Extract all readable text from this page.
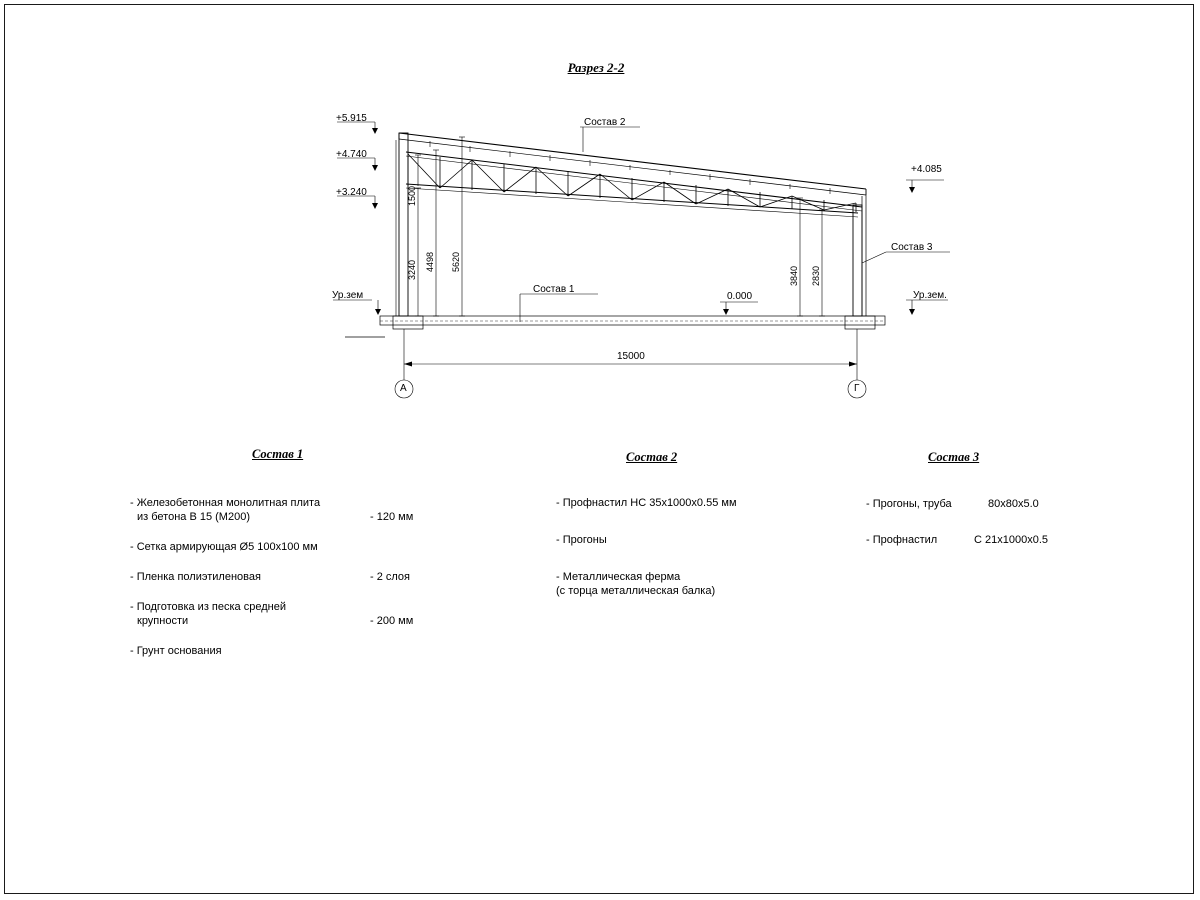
Разрез 2-2
+5.915
+4.740
+3.240
+4.085
Ур.зем	Ур.зем.
0.000
1500
3240 4498 5620
3840 2830
15000
А	Г
Состав 1
Состав 2
Состав 3
Состав 1
- Железобетонная монолитная плита
из бетона В 15 (М200)	- 120 мм
- Сетка армирующая Ø5 100х100 мм
- Пленка полиэтиленовая	- 2 слоя
- Подготовка из песка средней
крупности	- 200 мм
- Грунт основания
Состав 2
- Профнастил НС 35х1000х0.55 мм
- Прогоны
- Металлическая ферма
(с торца металлическая балка)
Состав 3
- Прогоны, труба	80х80х5.0
- Профнастил	С 21х1000х0.5
